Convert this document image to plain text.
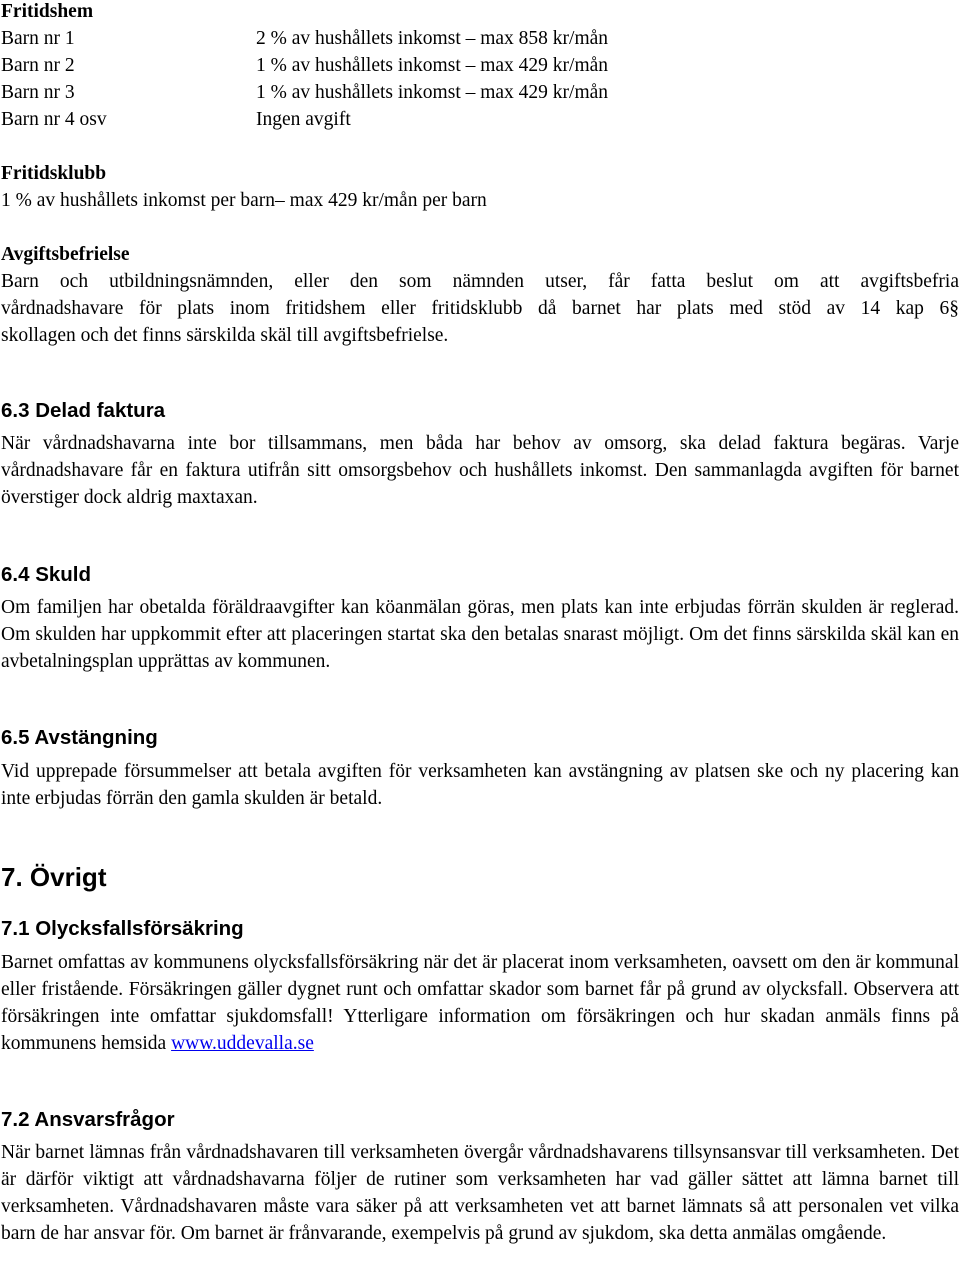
Fritidshem
Barn nr 1	2 % av hushållets inkomst – max 858 kr/mån
Barn nr 2	1 % av hushållets inkomst – max 429 kr/mån
Barn nr 3	1 % av hushållets inkomst – max 429 kr/mån
Barn nr 4 osv	Ingen avgift
Fritidsklubb
1 % av hushållets inkomst per barn– max 429 kr/mån per barn
Avgiftsbefrielse
Barn och utbildningsnämnden, eller den som nämnden utser, får fatta beslut om att avgiftsbefria
vårdnadshavare för plats inom fritidshem eller fritidsklubb då barnet har plats med stöd av 14 kap 6§
skollagen och det finns särskilda skäl till avgiftsbefrielse.
6.3 Delad faktura
När vårdnadshavarna inte bor tillsammans, men båda har behov av omsorg, ska delad faktura begäras. Varje vårdnadshavare får en faktura utifrån sitt omsorgsbehov och hushållets inkomst. Den sammanlagda avgiften för barnet överstiger dock aldrig maxtaxan.
6.4 Skuld
Om familjen har obetalda föräldraavgifter kan köanmälan göras, men plats kan inte erbjudas förrän skulden är reglerad. Om skulden har uppkommit efter att placeringen startat ska den betalas snarast möjligt. Om det finns särskilda skäl kan en avbetalningsplan upprättas av kommunen.
6.5 Avstängning
Vid upprepade försummelser att betala avgiften för verksamheten kan avstängning av platsen ske och ny placering kan inte erbjudas förrän den gamla skulden är betald.
7. Övrigt
7.1 Olycksfallsförsäkring
Barnet omfattas av kommunens olycksfallsförsäkring när det är placerat inom verksamheten, oavsett om den är kommunal eller fristående. Försäkringen gäller dygnet runt och omfattar skador som barnet får på grund av olycksfall. Observera att försäkringen inte omfattar sjukdomsfall! Ytterligare information om försäkringen och hur skadan anmäls finns på kommunens hemsida www.uddevalla.se
7.2 Ansvarsfrågor
När barnet lämnas från vårdnadshavaren till verksamheten övergår vårdnadshavarens tillsynsansvar till verksamheten. Det är därför viktigt att vårdnadshavarna följer de rutiner som verksamheten har vad gäller sättet att lämna barnet till verksamheten. Vårdnadshavaren måste vara säker på att verksamheten vet att barnet lämnats så att personalen vet vilka barn de har ansvar för. Om barnet är frånvarande, exempelvis på grund av sjukdom, ska detta anmälas omgående.
